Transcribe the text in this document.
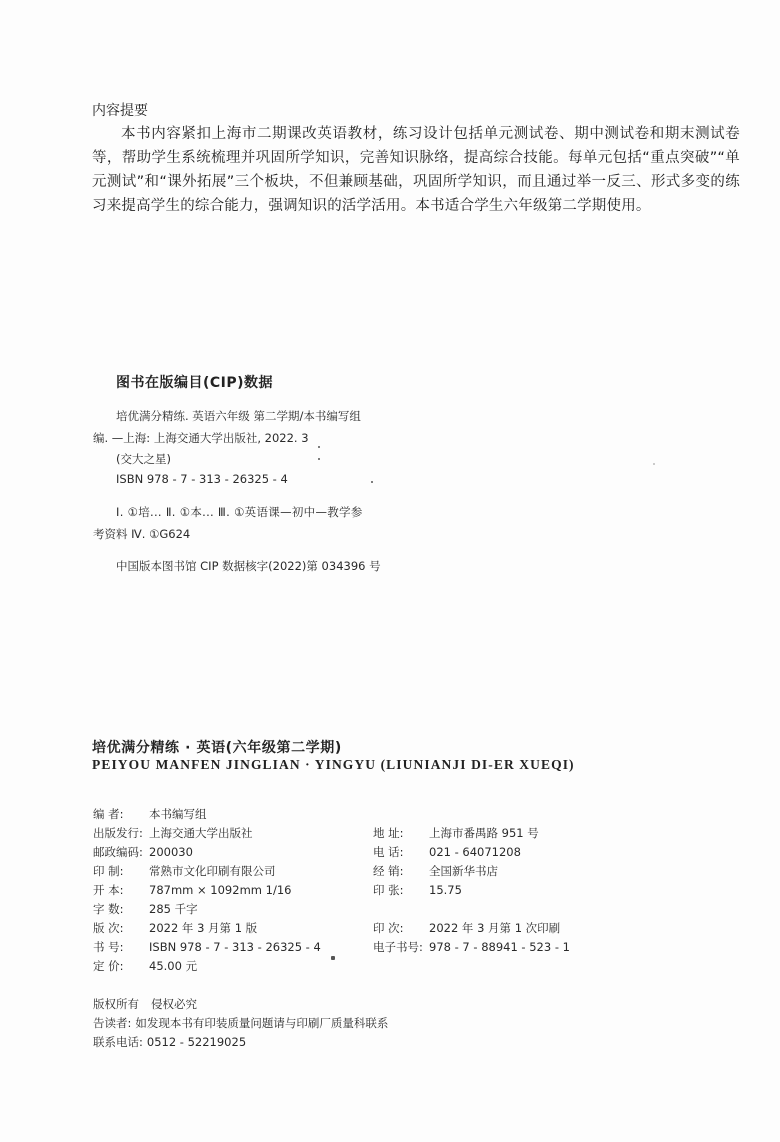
内容提要
本书内容紧扣上海市二期课改英语教材，练习设计包括单元测试卷、期中测试卷和期末测试卷等，帮助学生系统梳理并巩固所学知识，完善知识脉络，提高综合技能。每单元包括“重点突破”“单元测试”和“课外拓展”三个板块，不但兼顾基础，巩固所学知识，而且通过举一反三、形式多变的练习来提高学生的综合能力，强调知识的活学活用。本书适合学生六年级第二学期使用。
图书在版编目(CIP)数据
培优满分精练. 英语六年级 第二学期/本书编写组
编. —上海: 上海交通大学出版社, 2022. 3
(交大之星)
ISBN 978 - 7 - 313 - 26325 - 4
Ⅰ. ①培... Ⅱ. ①本... Ⅲ. ①英语课—初中—教学参
考资料 Ⅳ. ①G624
中国版本图书馆 CIP 数据核字(2022)第 034396 号
培优满分精练 · 英语(六年级第二学期)
PEIYOU MANFEN JINGLIAN · YINGYU (LIUNIANJI DI-ER XUEQI)
编 者: 本书编写组
出版发行: 上海交通大学出版社
邮政编码: 200030
印 制: 常熟市文化印刷有限公司
开 本: 787mm × 1092mm 1/16
字 数: 285 千字
版 次: 2022 年 3 月第 1 版
书 号: ISBN 978 - 7 - 313 - 26325 - 4
定 价: 45.00 元
地 址: 上海市番禺路 951 号
电 话: 021 - 64071208
经 销: 全国新华书店
印 张: 15.75
印 次: 2022 年 3 月第 1 次印刷
电子书号: 978 - 7 - 88941 - 523 - 1
版权所有 侵权必究
告读者: 如发现本书有印装质量问题请与印刷厂质量科联系
联系电话: 0512 - 52219025
